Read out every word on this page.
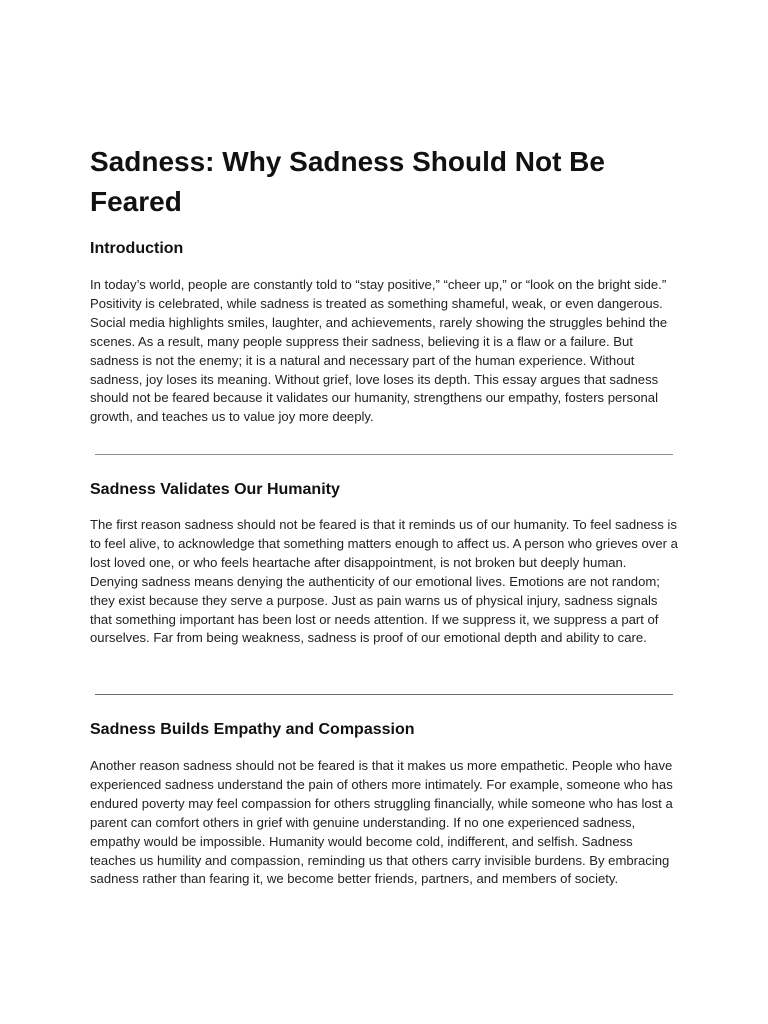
Sadness: Why Sadness Should Not Be Feared
Introduction

In today’s world, people are constantly told to “stay positive,” “cheer up,” or “look on the bright side.” Positivity is celebrated, while sadness is treated as something shameful, weak, or even dangerous. Social media highlights smiles, laughter, and achievements, rarely showing the struggles behind the scenes. As a result, many people suppress their sadness, believing it is a flaw or a failure. But sadness is not the enemy; it is a natural and necessary part of the human experience. Without sadness, joy loses its meaning. Without grief, love loses its depth. This essay argues that sadness should not be feared because it validates our humanity, strengthens our empathy, fosters personal growth, and teaches us to value joy more deeply.

Sadness Validates Our Humanity

The first reason sadness should not be feared is that it reminds us of our humanity. To feel sadness is to feel alive, to acknowledge that something matters enough to affect us. A person who grieves over a lost loved one, or who feels heartache after disappointment, is not broken but deeply human. Denying sadness means denying the authenticity of our emotional lives. Emotions are not random; they exist because they serve a purpose. Just as pain warns us of physical injury, sadness signals that something important has been lost or needs attention. If we suppress it, we suppress a part of ourselves. Far from being weakness, sadness is proof of our emotional depth and ability to care.

Sadness Builds Empathy and Compassion

Another reason sadness should not be feared is that it makes us more empathetic. People who have experienced sadness understand the pain of others more intimately. For example, someone who has endured poverty may feel compassion for others struggling financially, while someone who has lost a parent can comfort others in grief with genuine understanding. If no one experienced sadness, empathy would be impossible. Humanity would become cold, indifferent, and selfish. Sadness teaches us humility and compassion, reminding us that others carry invisible burdens. By embracing sadness rather than fearing it, we become better friends, partners, and members of society.
